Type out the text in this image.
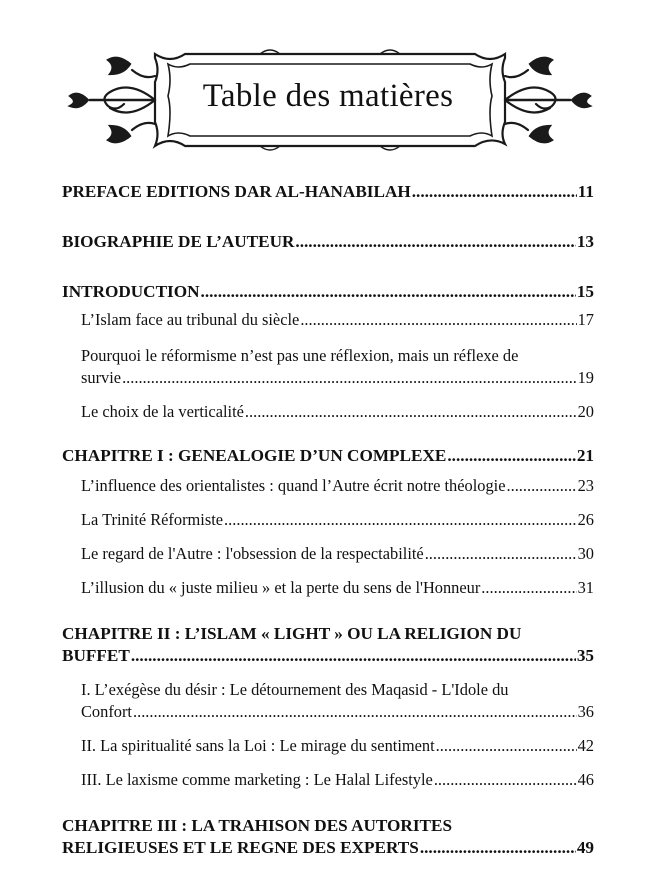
Table des matières
PREFACE EDITIONS DAR AL-HANABILAH .....	11
BIOGRAPHIE DE L’AUTEUR .....	13
INTRODUCTION .....	15
L’Islam face au tribunal du siècle .....	17
Pourquoi le réformisme n’est pas une réflexion, mais un réflexe de
survie .....	19
Le choix de la verticalité .....	20
CHAPITRE I : GENEALOGIE D’UN COMPLEXE .....	21
L’influence des orientalistes : quand l’Autre écrit notre théologie .....	23
La Trinité Réformiste .....	26
Le regard de l'Autre : l'obsession de la respectabilité .....	30
L’illusion du « juste milieu » et la perte du sens de l'Honneur .....	31
CHAPITRE II : L’ISLAM « LIGHT » OU LA RELIGION DU
BUFFET .....	35
I. L’exégèse du désir : Le détournement des Maqasid - L'Idole du
Confort .....	36
II. La spiritualité sans la Loi : Le mirage du sentiment .....	42
III. Le laxisme comme marketing : Le Halal Lifestyle .....	46
CHAPITRE III : LA TRAHISON DES AUTORITES
RELIGIEUSES ET LE REGNE DES EXPERTS .....	49
